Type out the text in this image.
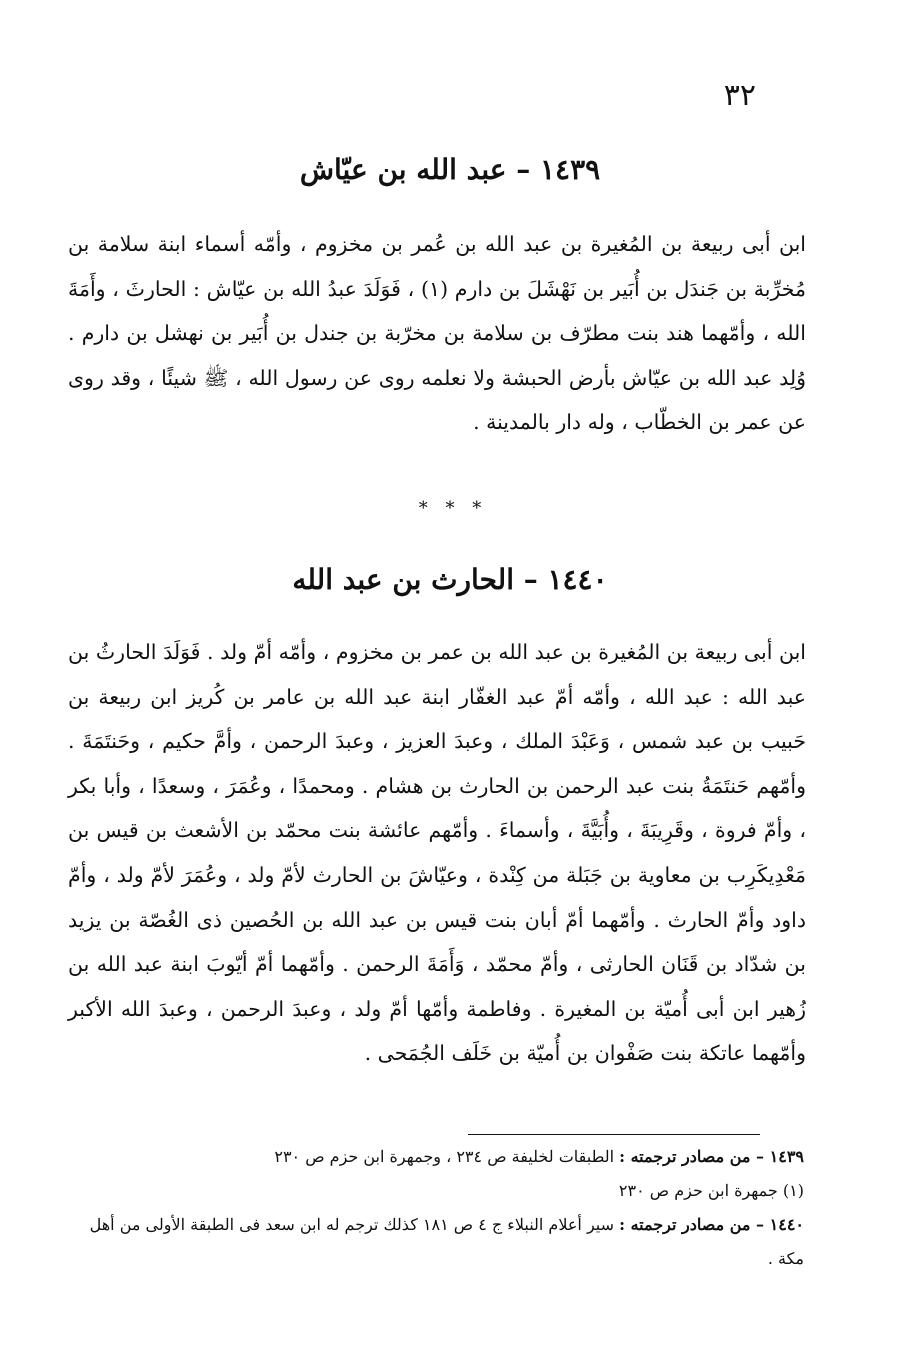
٣٢
١٤٣٩ – عبد الله بن عيّاش

ابن أبى ربيعة بن المُغيرة بن عبد الله بن عُمر بن مخزوم ، وأمّه أسماء ابنة سلامة بن مُخرِّبة بن جَندَل بن أُبَير بن نَهْشَلَ بن دارم (١) ، فَوَلَدَ عبدُ الله بن عيّاش : الحارثَ ، وأَمَةَ الله ، وأمّهما هند بنت مطرّف بن سلامة بن مخرّبة بن جندل بن أُبَير بن نهشل بن دارم . وُلِد عبد الله بن عيّاش بأرض الحبشة ولا نعلمه روى عن رسول الله ، ﷺ شيئًا ، وقد روى عن عمر بن الخطّاب ، وله دار بالمدينة .

* * *
١٤٤٠ – الحارث بن عبد الله

ابن أبى ربيعة بن المُغيرة بن عبد الله بن عمر بن مخزوم ، وأمّه أمّ ولد . فَوَلَدَ الحارثُ بن عبد الله : عبد الله ، وأمّه أمّ عبد الغفّار ابنة عبد الله بن عامر بن كُريز ابن ربيعة بن حَبيب بن عبد شمس ، وَعَبْدَ الملك ، وعبدَ العزيز ، وعبدَ الرحمن ، وأمَّ حكيم ، وحَنتَمَةَ . وأمّهم حَنتَمَةُ بنت عبد الرحمن بن الحارث بن هشام . ومحمدًا ، وعُمَرَ ، وسعدًا ، وأبا بكر ، وأمّ فروة ، وقَرِيبَةَ ، وأُبَيَّةَ ، وأسماءَ . وأمّهم عائشة بنت محمّد بن الأشعث بن قيس بن مَعْدِيكَرِب بن معاوية بن جَبَلة من كِنْدة ، وعيّاشَ بن الحارث لأمّ ولد ، وعُمَرَ لأمّ ولد ، وأمّ داود وأمّ الحارث . وأمّهما أمّ أبان بنت قيس بن عبد الله بن الحُصين ذى الغُصّة بن يزيد بن شدّاد بن قَنَان الحارثى ، وأمّ محمّد ، وَأَمَةَ الرحمن . وأمّهما أمّ أيّوبَ ابنة عبد الله بن زُهير ابن أبى أُميّة بن المغيرة . وفاطمة وأمّها أمّ ولد ، وعبدَ الرحمن ، وعبدَ الله الأكبر وأمّهما عاتكة بنت صَفْوان بن أُميّة بن خَلَف الجُمَحى .

١٤٣٩ – من مصادر ترجمته : الطبقات لخليفة ص ٢٣٤ ، وجمهرة ابن حزم ص ٢٣٠
(١) جمهرة ابن حزم ص ٢٣٠
١٤٤٠ – من مصادر ترجمته : سير أعلام النبلاء ج ٤ ص ١٨١ كذلك ترجم له ابن سعد فى الطبقة الأولى من أهل مكة .
